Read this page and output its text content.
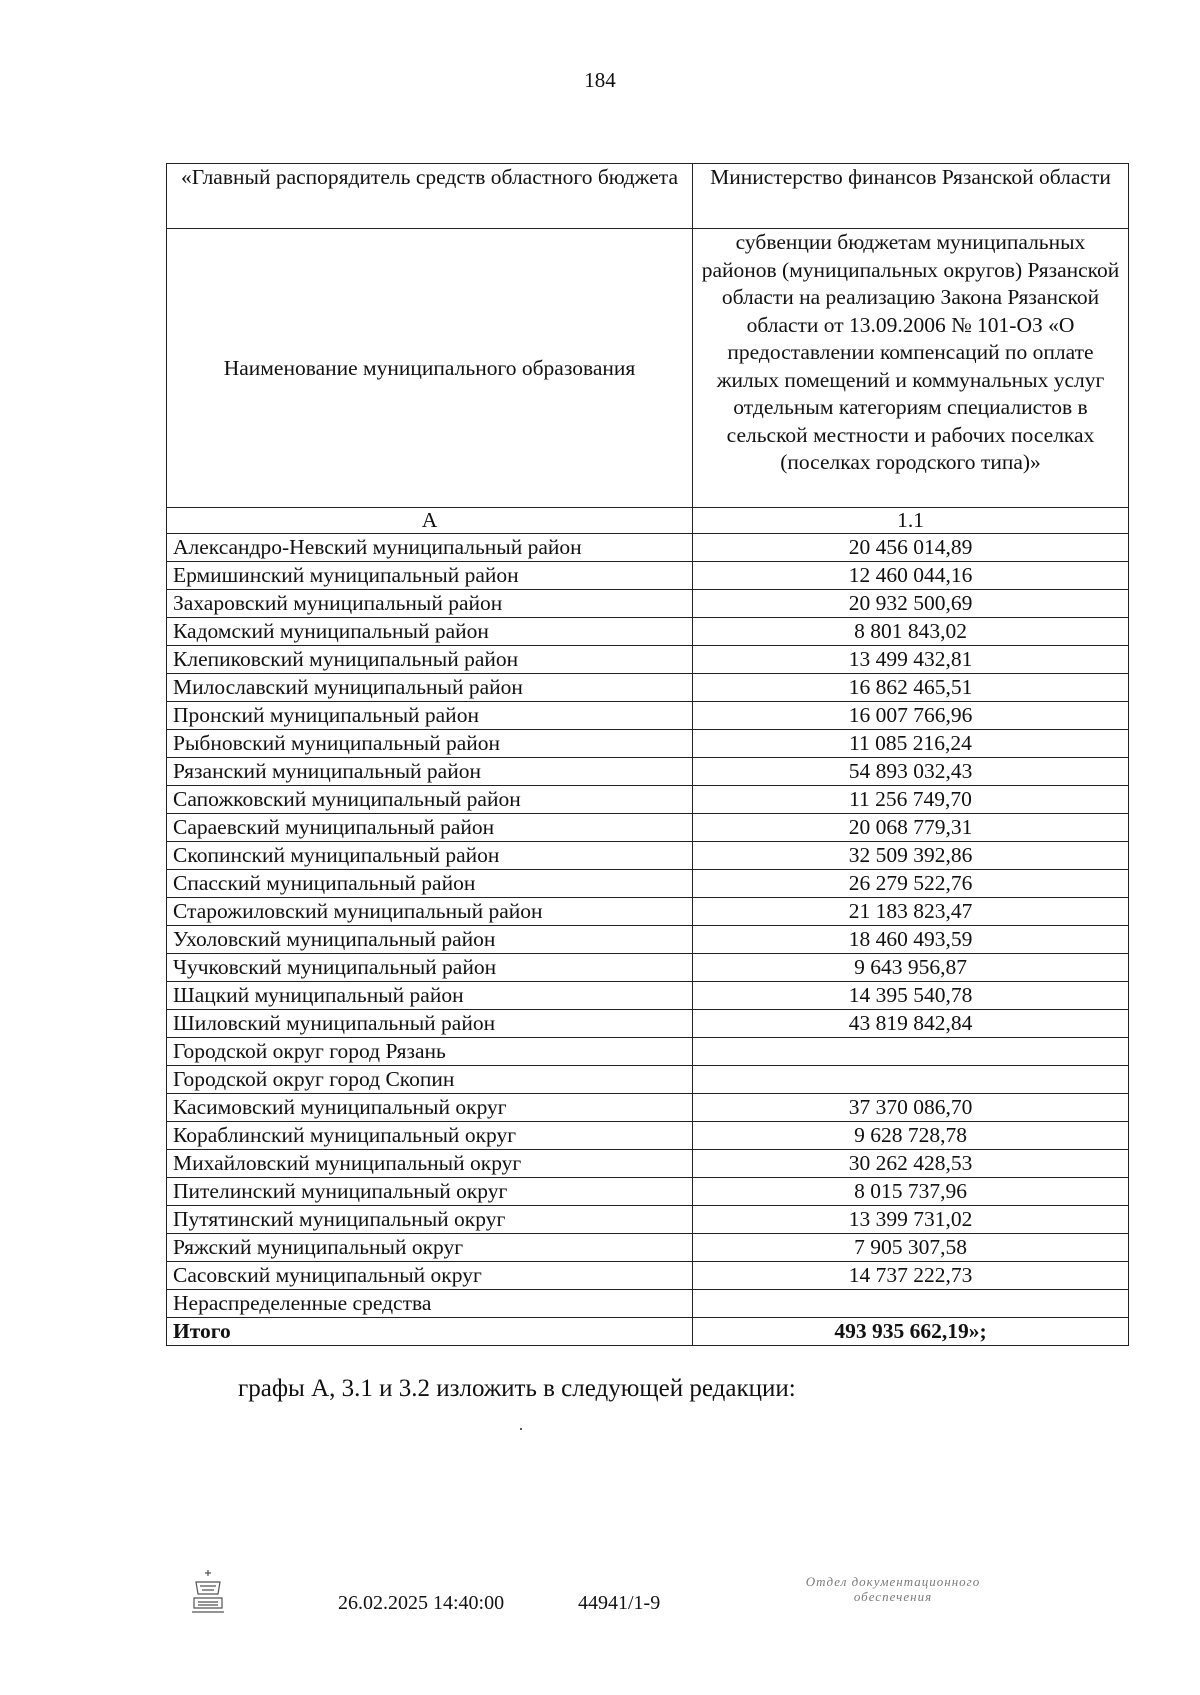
184
«Главный распорядитель средств областного бюджета	Министерство финансов Рязанской области
Наименование муниципального образования	субвенции бюджетам муниципальных районов (муниципальных округов) Рязанской области на реализацию Закона Рязанской области от 13.09.2006 № 101-ОЗ «О предоставлении компенсаций по оплате жилых помещений и коммунальных услуг отдельным категориям специалистов в сельской местности и рабочих поселках (поселках городского типа)»
А	1.1
Александро-Невский муниципальный район	20 456 014,89
Ермишинский муниципальный район	12 460 044,16
Захаровский муниципальный район	20 932 500,69
Кадомский муниципальный район	8 801 843,02
Клепиковский муниципальный район	13 499 432,81
Милославский муниципальный район	16 862 465,51
Пронский муниципальный район	16 007 766,96
Рыбновский муниципальный район	11 085 216,24
Рязанский муниципальный район	54 893 032,43
Сапожковский муниципальный район	11 256 749,70
Сараевский муниципальный район	20 068 779,31
Скопинский муниципальный район	32 509 392,86
Спасский муниципальный район	26 279 522,76
Старожиловский муниципальный район	21 183 823,47
Ухоловский муниципальный район	18 460 493,59
Чучковский муниципальный район	9 643 956,87
Шацкий муниципальный район	14 395 540,78
Шиловский муниципальный район	43 819 842,84
Городской округ город Рязань	
Городской округ город Скопин	
Касимовский муниципальный округ	37 370 086,70
Кораблинский муниципальный округ	9 628 728,78
Михайловский муниципальный округ	30 262 428,53
Пителинский муниципальный округ	8 015 737,96
Путятинский муниципальный округ	13 399 731,02
Ряжский муниципальный округ	7 905 307,58
Сасовский муниципальный округ	14 737 222,73
Нераспределенные средства	
Итого	493 935 662,19»;
графы А, 3.1 и 3.2 изложить в следующей редакции:
26.02.2025 14:40:00	44941/1-9
Отдел документационного
обеспечения
